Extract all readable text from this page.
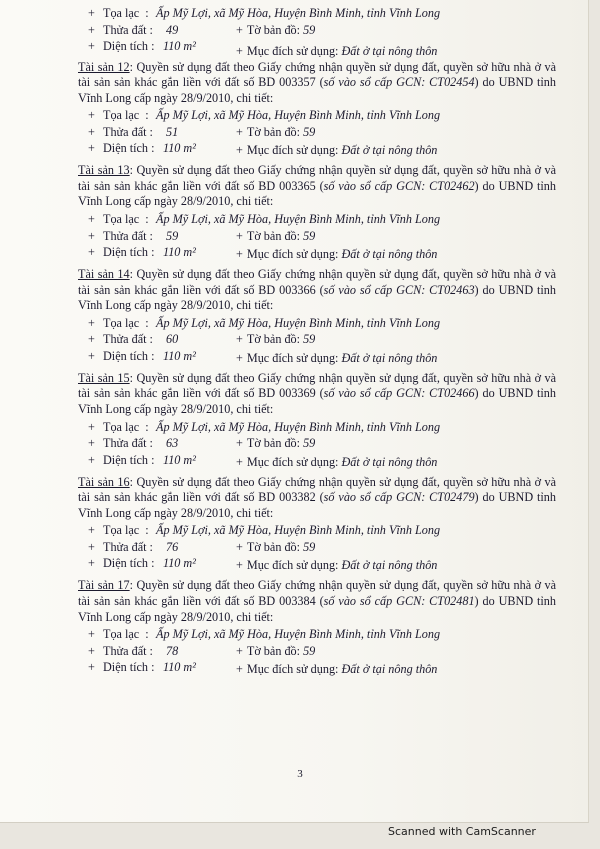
+ Tọa lạc  : Ấp Mỹ Lợi, xã Mỹ Hòa, Huyện Bình Minh, tỉnh Vĩnh Long
+ Thửa đất : 49	+ Tờ bản đồ: 59
+ Diện tích : 110 m²	+ Mục đích sử dụng: Đất ở tại nông thôn
Tài sản 12: Quyền sử dụng đất theo Giấy chứng nhận quyền sử dụng đất, quyền sở hữu nhà ở và tài sản sản khác gắn liền với đất số BD 003357 (số vào sổ cấp GCN: CT02454) do UBND tỉnh Vĩnh Long cấp ngày 28/9/2010, chi tiết:
+ Tọa lạc  : Ấp Mỹ Lợi, xã Mỹ Hòa, Huyện Bình Minh, tỉnh Vĩnh Long
+ Thửa đất : 51	+ Tờ bản đồ: 59
+ Diện tích : 110 m²	+ Mục đích sử dụng: Đất ở tại nông thôn
Tài sản 13: Quyền sử dụng đất theo Giấy chứng nhận quyền sử dụng đất, quyền sở hữu nhà ở và tài sản sản khác gắn liền với đất số BD 003365 (số vào sổ cấp GCN: CT02462) do UBND tỉnh Vĩnh Long cấp ngày 28/9/2010, chi tiết:
+ Tọa lạc  : Ấp Mỹ Lợi, xã Mỹ Hòa, Huyện Bình Minh, tỉnh Vĩnh Long
+ Thửa đất : 59	+ Tờ bản đồ: 59
+ Diện tích : 110 m²	+ Mục đích sử dụng: Đất ở tại nông thôn
Tài sản 14: Quyền sử dụng đất theo Giấy chứng nhận quyền sử dụng đất, quyền sở hữu nhà ở và tài sản sản khác gắn liền với đất số BD 003366 (số vào sổ cấp GCN: CT02463) do UBND tỉnh Vĩnh Long cấp ngày 28/9/2010, chi tiết:
+ Tọa lạc  : Ấp Mỹ Lợi, xã Mỹ Hòa, Huyện Bình Minh, tỉnh Vĩnh Long
+ Thửa đất : 60	+ Tờ bản đồ: 59
+ Diện tích : 110 m²	+ Mục đích sử dụng: Đất ở tại nông thôn
Tài sản 15: Quyền sử dụng đất theo Giấy chứng nhận quyền sử dụng đất, quyền sở hữu nhà ở và tài sản sản khác gắn liền với đất số BD 003369 (số vào sổ cấp GCN: CT02466) do UBND tỉnh Vĩnh Long cấp ngày 28/9/2010, chi tiết:
+ Tọa lạc  : Ấp Mỹ Lợi, xã Mỹ Hòa, Huyện Bình Minh, tỉnh Vĩnh Long
+ Thửa đất : 63	+ Tờ bản đồ: 59
+ Diện tích : 110 m²	+ Mục đích sử dụng: Đất ở tại nông thôn
Tài sản 16: Quyền sử dụng đất theo Giấy chứng nhận quyền sử dụng đất, quyền sở hữu nhà ở và tài sản sản khác gắn liền với đất số BD 003382 (số vào sổ cấp GCN: CT02479) do UBND tỉnh Vĩnh Long cấp ngày 28/9/2010, chi tiết:
+ Tọa lạc  : Ấp Mỹ Lợi, xã Mỹ Hòa, Huyện Bình Minh, tỉnh Vĩnh Long
+ Thửa đất : 76	+ Tờ bản đồ: 59
+ Diện tích : 110 m²	+ Mục đích sử dụng: Đất ở tại nông thôn
Tài sản 17: Quyền sử dụng đất theo Giấy chứng nhận quyền sử dụng đất, quyền sở hữu nhà ở và tài sản sản khác gắn liền với đất số BD 003384 (số vào sổ cấp GCN: CT02481) do UBND tỉnh Vĩnh Long cấp ngày 28/9/2010, chi tiết:
+ Tọa lạc  : Ấp Mỹ Lợi, xã Mỹ Hòa, Huyện Bình Minh, tỉnh Vĩnh Long
+ Thửa đất : 78	+ Tờ bản đồ: 59
+ Diện tích : 110 m²	+ Mục đích sử dụng: Đất ở tại nông thôn
3
Scanned with CamScanner
